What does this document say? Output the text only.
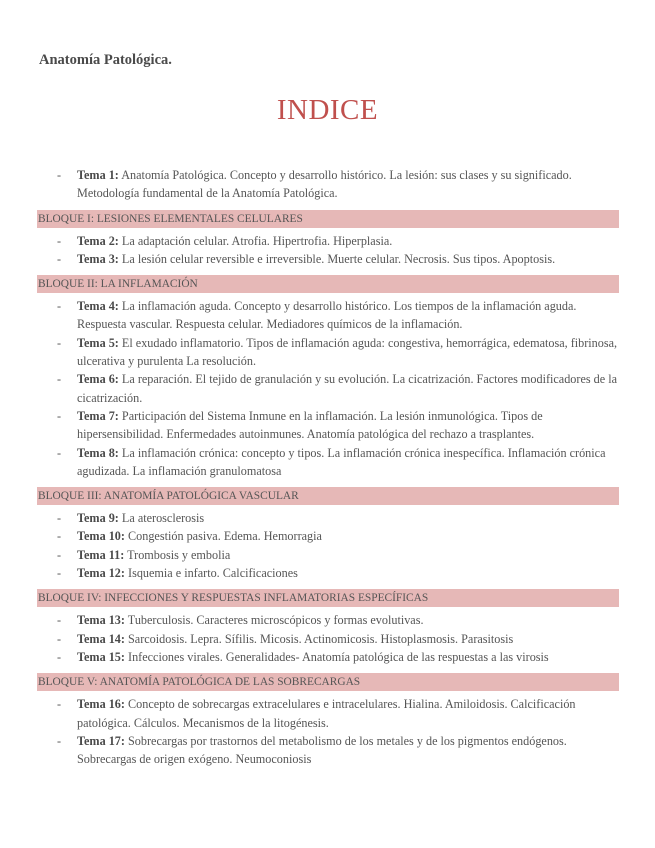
Anatomía Patológica.
INDICE
- Tema 1: Anatomía Patológica. Concepto y desarrollo histórico. La lesión: sus clases y su significado. Metodología fundamental de la Anatomía Patológica.
BLOQUE I: LESIONES ELEMENTALES CELULARES
- Tema 2: La adaptación celular. Atrofia. Hipertrofia. Hiperplasia.
- Tema 3: La lesión celular reversible e irreversible. Muerte celular. Necrosis. Sus tipos. Apoptosis.
BLOQUE II: LA INFLAMACIÓN
- Tema 4: La inflamación aguda. Concepto y desarrollo histórico. Los tiempos de la inflamación aguda. Respuesta vascular. Respuesta celular. Mediadores químicos de la inflamación.
- Tema 5: El exudado inflamatorio. Tipos de inflamación aguda: congestiva, hemorrágica, edematosa, fibrinosa, ulcerativa y purulenta La resolución.
- Tema 6: La reparación. El tejido de granulación y su evolución. La cicatrización. Factores modificadores de la cicatrización.
- Tema 7: Participación del Sistema Inmune en la inflamación. La lesión inmunológica. Tipos de hipersensibilidad. Enfermedades autoinmunes. Anatomía patológica del rechazo a trasplantes.
- Tema 8: La inflamación crónica: concepto y tipos. La inflamación crónica inespecífica. Inflamación crónica agudizada. La inflamación granulomatosa
BLOQUE III: ANATOMÍA PATOLÓGICA VASCULAR
- Tema 9: La aterosclerosis
- Tema 10: Congestión pasiva. Edema. Hemorragia
- Tema 11: Trombosis y embolia
- Tema 12: Isquemia e infarto. Calcificaciones
BLOQUE IV: INFECCIONES Y RESPUESTAS INFLAMATORIAS ESPECÍFICAS
- Tema 13: Tuberculosis. Caracteres microscópicos y formas evolutivas.
- Tema 14: Sarcoidosis. Lepra. Sífilis. Micosis. Actinomicosis. Histoplasmosis. Parasitosis
- Tema 15: Infecciones virales. Generalidades- Anatomía patológica de las respuestas a las virosis
BLOQUE V: ANATOMÍA PATOLÓGICA DE LAS SOBRECARGAS
- Tema 16: Concepto de sobrecargas extracelulares e intracelulares. Hialina. Amiloidosis. Calcificación patológica. Cálculos. Mecanismos de la litogénesis.
- Tema 17: Sobrecargas por trastornos del metabolismo de los metales y de los pigmentos endógenos. Sobrecargas de origen exógeno. Neumoconiosis
